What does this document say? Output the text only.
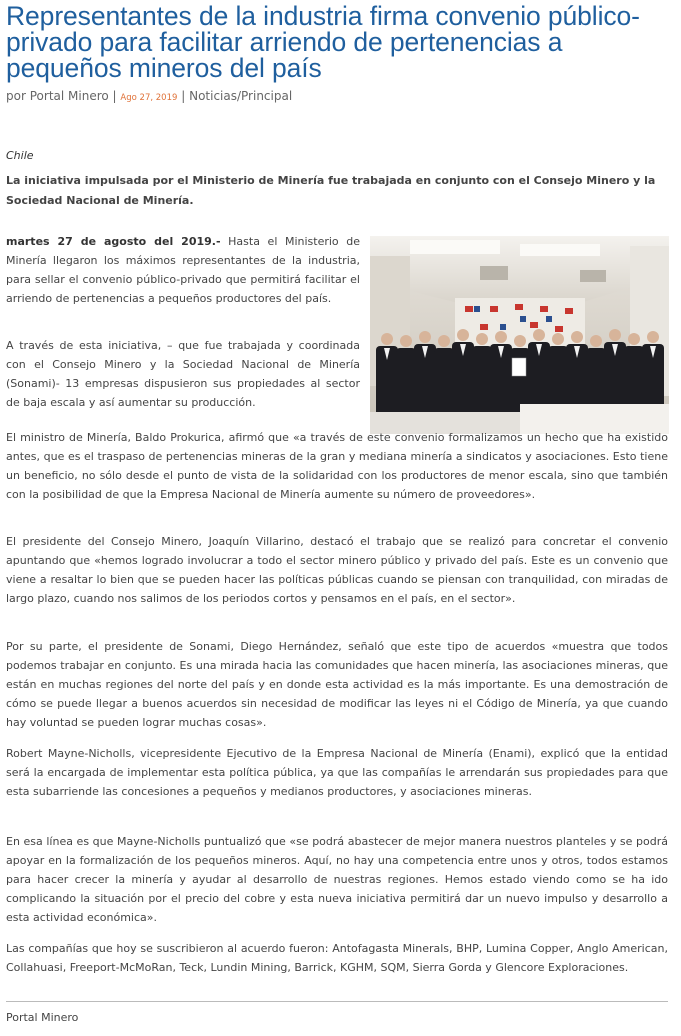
Representantes de la industria firma convenio público-privado para facilitar arriendo de pertenencias a pequeños mineros del país
por Portal Minero | Ago 27, 2019 | Noticias/Principal
Chile
La iniciativa impulsada por el Ministerio de Minería fue trabajada en conjunto con el Consejo Minero y la Sociedad Nacional de Minería.

martes 27 de agosto del 2019.- Hasta el Ministerio de Minería llegaron los máximos representantes de la industria, para sellar el convenio público-privado que permitirá facilitar el arriendo de pertenencias a pequeños productores del país.

A través de esta iniciativa, – que fue trabajada y coordinada con el Consejo Minero y la Sociedad Nacional de Minería (Sonami)- 13 empresas dispusieron sus propiedades al sector de baja escala y así aumentar su producción.

El ministro de Minería, Baldo Prokurica, afirmó que «a través de este convenio formalizamos un hecho que ha existido antes, que es el traspaso de pertenencias mineras de la gran y mediana minería a sindicatos y asociaciones. Esto tiene un beneficio, no sólo desde el punto de vista de la solidaridad con los productores de menor escala, sino que también con la posibilidad de que la Empresa Nacional de Minería aumente su número de proveedores».

El presidente del Consejo Minero, Joaquín Villarino, destacó el trabajo que se realizó para concretar el convenio apuntando que «hemos logrado involucrar a todo el sector minero público y privado del país. Este es un convenio que viene a resaltar lo bien que se pueden hacer las políticas públicas cuando se piensan con tranquilidad, con miradas de largo plazo, cuando nos salimos de los periodos cortos y pensamos en el país, en el sector».

Por su parte, el presidente de Sonami, Diego Hernández, señaló que este tipo de acuerdos «muestra que todos podemos trabajar en conjunto. Es una mirada hacia las comunidades que hacen minería, las asociaciones mineras, que están en muchas regiones del norte del país y en donde esta actividad es la más importante. Es una demostración de cómo se puede llegar a buenos acuerdos sin necesidad de modificar las leyes ni el Código de Minería, ya que cuando hay voluntad se pueden lograr muchas cosas».

Robert Mayne-Nicholls, vicepresidente Ejecutivo de la Empresa Nacional de Minería (Enami), explicó que la entidad será la encargada de implementar esta política pública, ya que las compañías le arrendarán sus propiedades para que esta subarriende las concesiones a pequeños y medianos productores, y asociaciones mineras.

En esa línea es que Mayne-Nicholls puntualizó que «se podrá abastecer de mejor manera nuestros planteles y se podrá apoyar en la formalización de los pequeños mineros. Aquí, no hay una competencia entre unos y otros, todos estamos para hacer crecer la minería y ayudar al desarrollo de nuestras regiones. Hemos estado viendo como se ha ido complicando la situación por el precio del cobre y esta nueva iniciativa permitirá dar un nuevo impulso y desarrollo a esta actividad económica».

Las compañías que hoy se suscribieron al acuerdo fueron: Antofagasta Minerals, BHP, Lumina Copper, Anglo American, Collahuasi, Freeport-McMoRan, Teck, Lundin Mining, Barrick, KGHM, SQM, Sierra Gorda y Glencore Exploraciones.

Portal Minero
